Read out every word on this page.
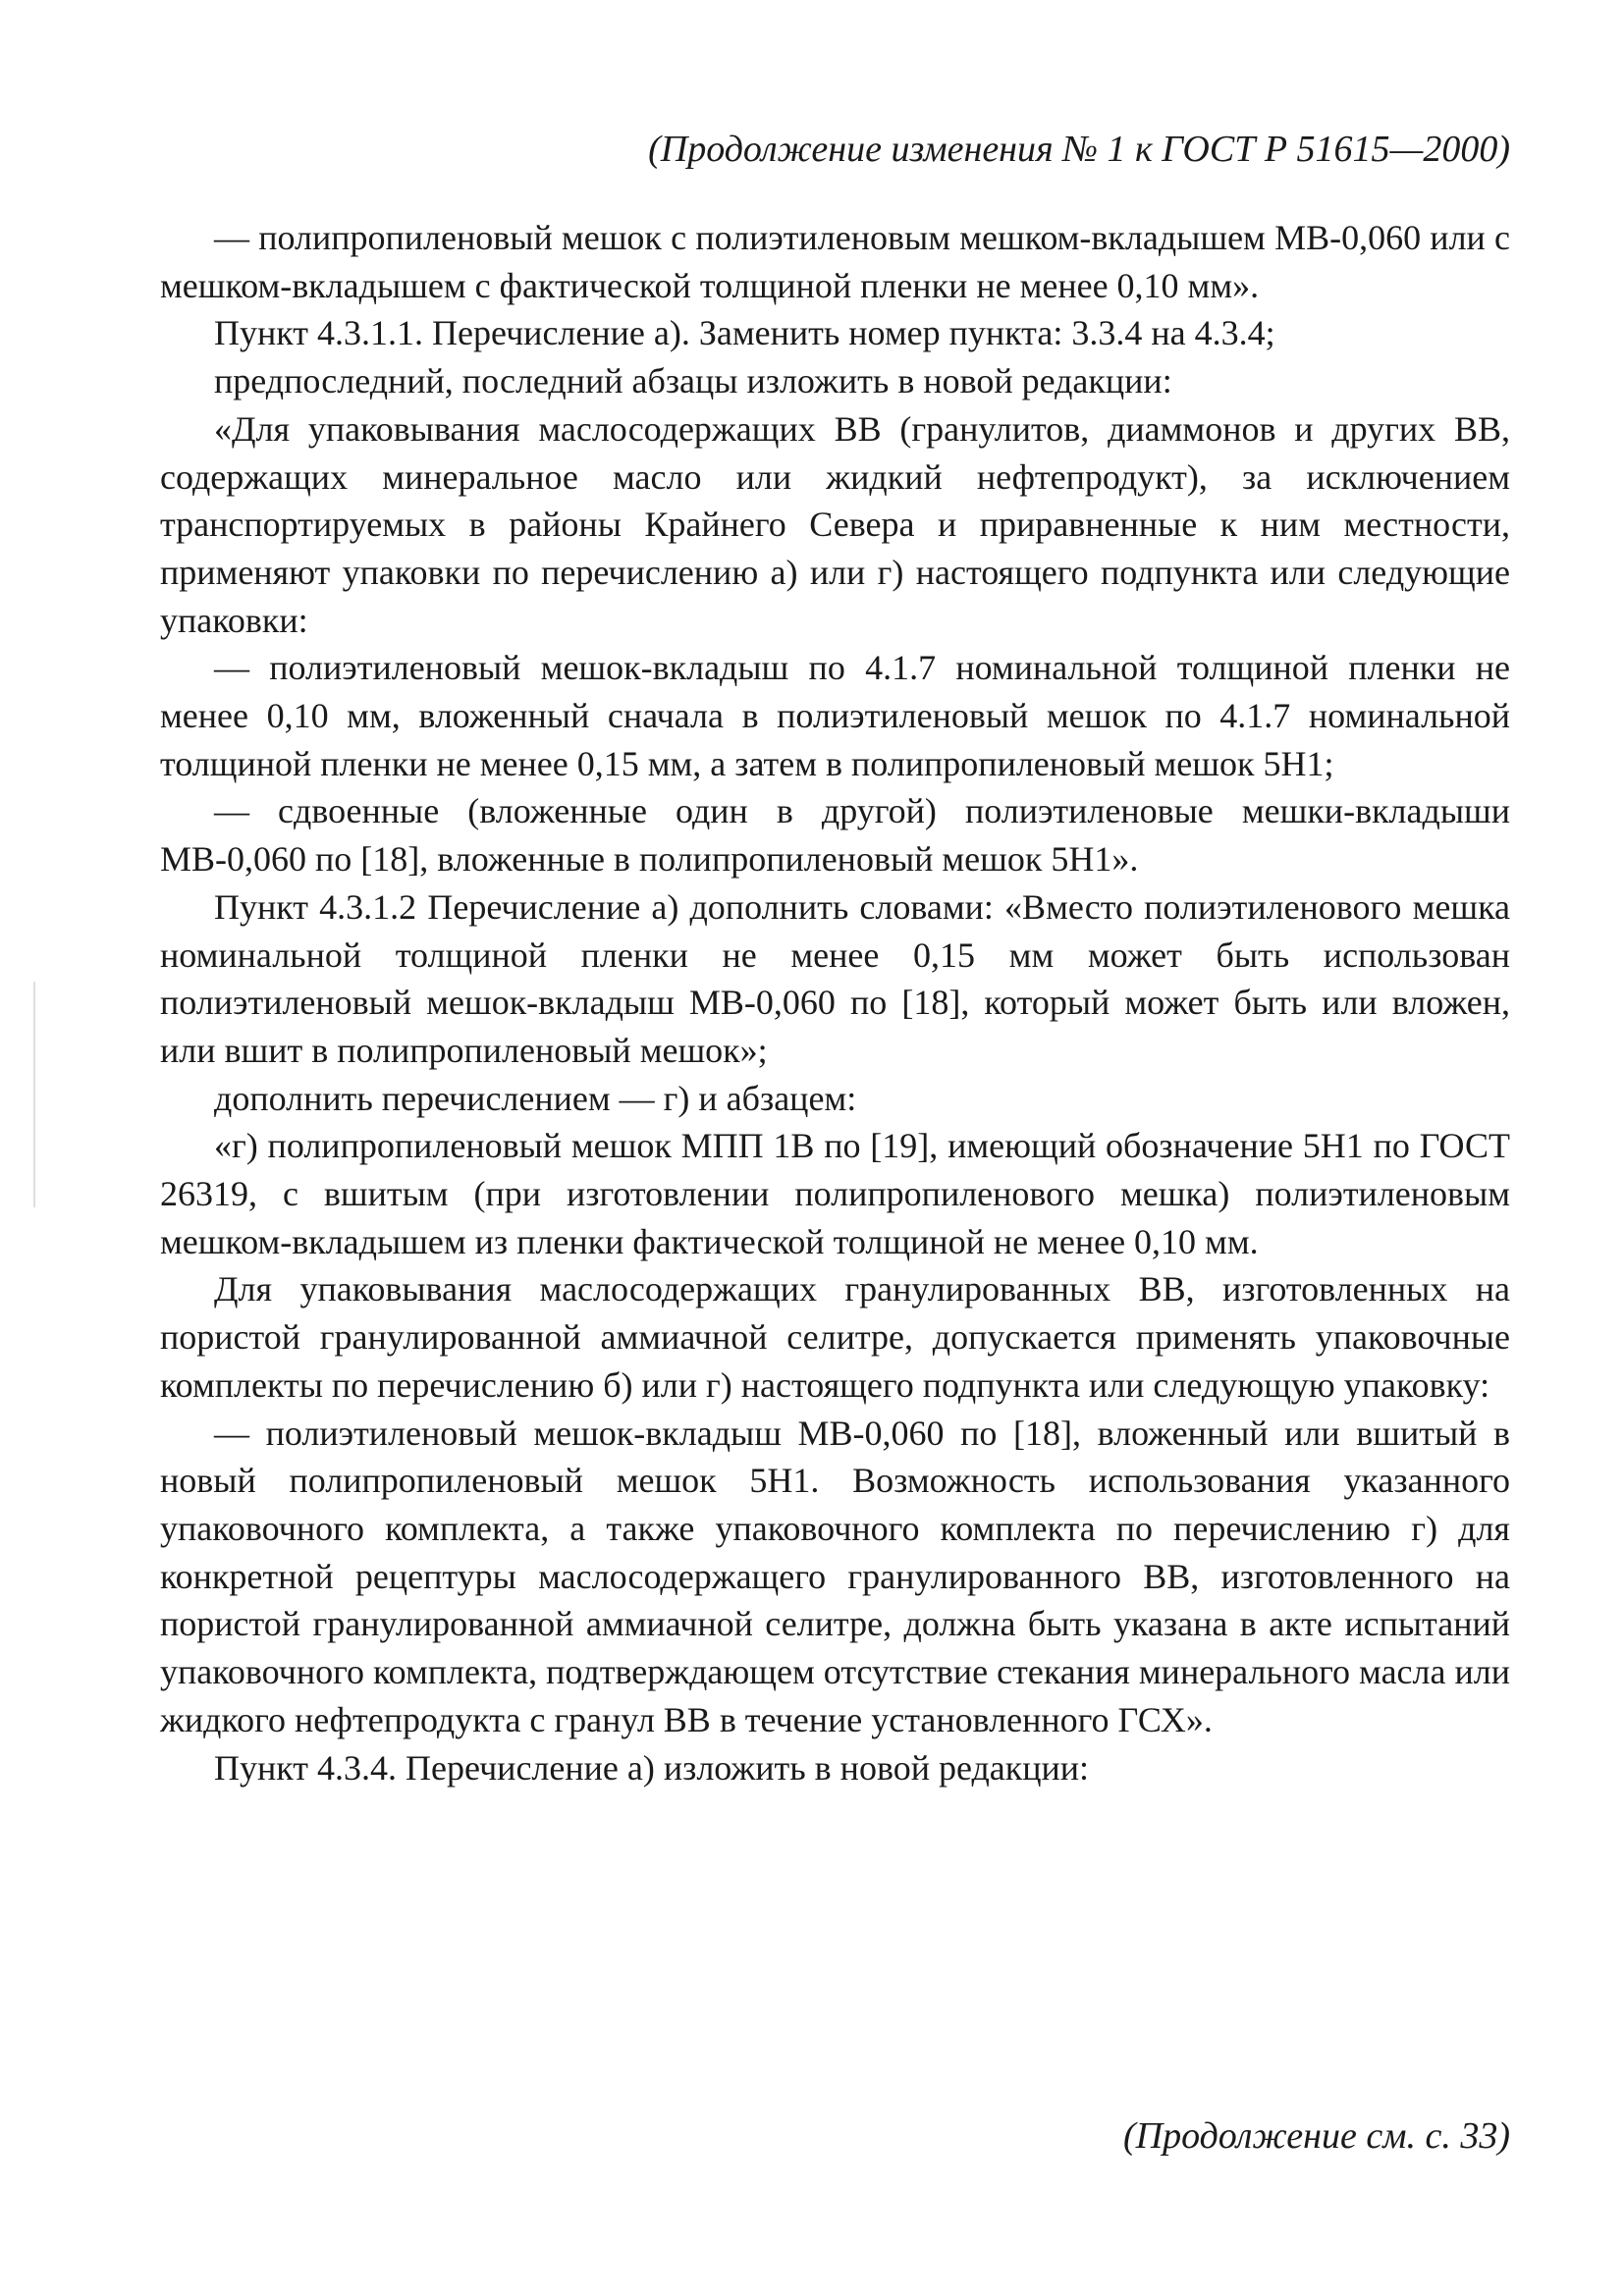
(Продолжение изменения № 1 к ГОСТ Р 51615—2000)

— полипропиленовый мешок с полиэтиленовым мешком-вкладышем МВ-0,060 или с мешком-вкладышем с фактической толщиной пленки не менее 0,10 мм».

Пункт 4.3.1.1. Перечисление а). Заменить номер пункта: 3.3.4 на 4.3.4;

предпоследний, последний абзацы изложить в новой редакции:

«Для упаковывания маслосодержащих ВВ (гранулитов, диаммонов и других ВВ, содержащих минеральное масло или жидкий нефтепродукт), за исключением транспортируемых в районы Крайнего Севера и приравненные к ним местности, применяют упаковки по перечислению а) или г) настоящего подпункта или следующие упаковки:

— полиэтиленовый мешок-вкладыш по 4.1.7 номинальной толщиной пленки не менее 0,10 мм, вложенный сначала в полиэтиленовый мешок по 4.1.7 номинальной толщиной пленки не менее 0,15 мм, а затем в полипропиленовый мешок 5Н1;

— сдвоенные (вложенные один в другой) полиэтиленовые мешки-вкладыши МВ-0,060 по [18], вложенные в полипропиленовый мешок 5Н1».

Пункт 4.3.1.2 Перечисление а) дополнить словами: «Вместо полиэтиленового мешка номинальной толщиной пленки не менее 0,15 мм может быть использован полиэтиленовый мешок-вкладыш МВ-0,060 по [18], который может быть или вложен, или вшит в полипропиленовый мешок»;

дополнить перечислением — г) и абзацем:

«г) полипропиленовый мешок МПП 1В по [19], имеющий обозначение 5Н1 по ГОСТ 26319, с вшитым (при изготовлении полипропиленового мешка) полиэтиленовым мешком-вкладышем из пленки фактической толщиной не менее 0,10 мм.

Для упаковывания маслосодержащих гранулированных ВВ, изготовленных на пористой гранулированной аммиачной селитре, допускается применять упаковочные комплекты по перечислению б) или г) настоящего подпункта или следующую упаковку:

— полиэтиленовый мешок-вкладыш МВ-0,060 по [18], вложенный или вшитый в новый полипропиленовый мешок 5Н1. Возможность использования указанного упаковочного комплекта, а также упаковочного комплекта по перечислению г) для конкретной рецептуры маслосодержащего гранулированного ВВ, изготовленного на пористой гранулированной аммиачной селитре, должна быть указана в акте испытаний упаковочного комплекта, подтверждающем отсутствие стекания минерального масла или жидкого нефтепродукта с гранул ВВ в течение установленного ГСХ».

Пункт 4.3.4. Перечисление а) изложить в новой редакции:

(Продолжение см. с. 33)
